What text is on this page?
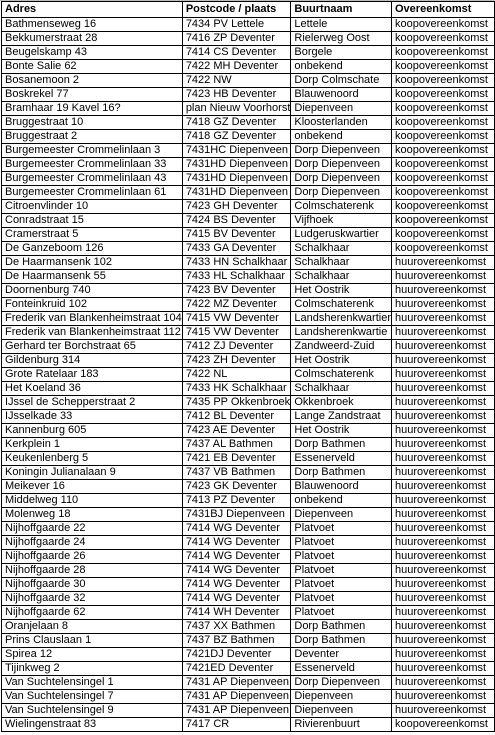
Adres	Postcode / plaats	Buurtnaam	Overeenkomst
Bathmenseweg 16	7434 PV Lettele	Lettele	koopovereenkomst
Bekkumerstraat 28	7416 ZP Deventer	Rielerweg Oost	koopovereenkomst
Beugelskamp 43	7414 CS Deventer	Borgele	koopovereenkomst
Bonte Salie 62	7422 MH Deventer	onbekend	koopovereenkomst
Bosanemoon 2	7422 NW	Dorp Colmschate	koopovereenkomst
Boskrekel 77	7423 HB Deventer	Blauwenoord	koopovereenkomst
Bramhaar 19 Kavel 16?	plan Nieuw Voorhorst	Diepenveen	koopovereenkomst
Bruggestraat 10	7418 GZ Deventer	Kloosterlanden	koopovereenkomst
Bruggestraat 2	7418 GZ Deventer	onbekend	koopovereenkomst
Burgemeester Crommelinlaan 3	7431HC Diepenveen	Dorp Diepenveen	koopovereenkomst
Burgemeester Crommelinlaan 33	7431HD Diepenveen	Dorp Diepenveen	koopovereenkomst
Burgemeester Crommelinlaan 43	7431HD Diepenveen	Dorp Diepenveen	koopovereenkomst
Burgemeester Crommelinlaan 61	7431HD Diepenveen	Dorp Diepenveen	koopovereenkomst
Citroenvlinder 10	7423 GH Deventer	Colmschaterenk	koopovereenkomst
Conradstraat 15	7424 BS Deventer	Vijfhoek	koopovereenkomst
Cramerstraat 5	7415 BV Deventer	Ludgeruskwartier	koopovereenkomst
De Ganzeboom 126	7433 GA Deventer	Schalkhaar	koopovereenkomst
De Haarmansenk 102	7433 HN Schalkhaar	Schalkhaar	huurovereenkomst
De Haarmansenk 55	7433 HL Schalkhaar	Schalkhaar	huurovereenkomst
Doornenburg 740	7423 BV Deventer	Het Oostrik	huurovereenkomst
Fonteinkruid 102	7422 MZ Deventer	Colmschaterenk	huurovereenkomst
Frederik van Blankenheimstraat 104	7415 VW Deventer	Landsherenkwartier	huurovereenkomst
Frederik van Blankenheimstraat 112	7415 VW Deventer	Landsherenkwartie	huurovereenkomst
Gerhard ter Borchstraat 65	7412 ZJ Deventer	Zandweerd-Zuid	huurovereenkomst
Gildenburg 314	7423 ZH Deventer	Het Oostrik	huurovereenkomst
Grote Ratelaar 183	7422 NL	Colmschaterenk	huurovereenkomst
Het Koeland 36	7433 HK Schalkhaar	Schalkhaar	huurovereenkomst
IJssel de Schepperstraat 2	7435 PP Okkenbroek	Okkenbroek	huurovereenkomst
IJsselkade 33	7412 BL Deventer	Lange Zandstraat	huurovereenkomst
Kannenburg 605	7423 AE Deventer	Het Oostrik	huurovereenkomst
Kerkplein 1	7437 AL Bathmen	Dorp Bathmen	huurovereenkomst
Keukenlenberg 5	7421 EB Deventer	Essenerveld	huurovereenkomst
Koningin Julianalaan 9	7437 VB Bathmen	Dorp Bathmen	huurovereenkomst
Meikever 16	7423 GK Deventer	Blauwenoord	huurovereenkomst
Middelweg 110	7413 PZ Deventer	onbekend	huurovereenkomst
Molenweg 18	7431BJ Diepenveen	Diepenveen	huurovereenkomst
Nijhoffgaarde 22	7414 WG Deventer	Platvoet	huurovereenkomst
Nijhoffgaarde 24	7414 WG Deventer	Platvoet	huurovereenkomst
Nijhoffgaarde 26	7414 WG Deventer	Platvoet	huurovereenkomst
Nijhoffgaarde 28	7414 WG Deventer	Platvoet	huurovereenkomst
Nijhoffgaarde 30	7414 WG Deventer	Platvoet	huurovereenkomst
Nijhoffgaarde 32	7414 WG Deventer	Platvoet	huurovereenkomst
Nijhoffgaarde 62	7414 WH Deventer	Platvoet	huurovereenkomst
Oranjelaan 8	7437 XX Bathmen	Dorp Bathmen	huurovereenkomst
Prins Clauslaan 1	7437 BZ Bathmen	Dorp Bathmen	huurovereenkomst
Spirea 12	7421DJ Deventer	Deventer	huurovereenkomst
Tijinkweg 2	7421ED Deventer	Essenerveld	huurovereenkomst
Van Suchtelensingel 1	7431 AP Diepenveen	Dorp Diepenveen	huurovereenkomst
Van Suchtelensingel 7	7431 AP Diepenveen	Diepenveen	huurovereenkomst
Van Suchtelensingel 9	7431 AP Diepenveen	Diepenveen	huurovereenkomst
Wielingenstraat 83	7417 CR	Rivierenbuurt	koopovereenkomst
